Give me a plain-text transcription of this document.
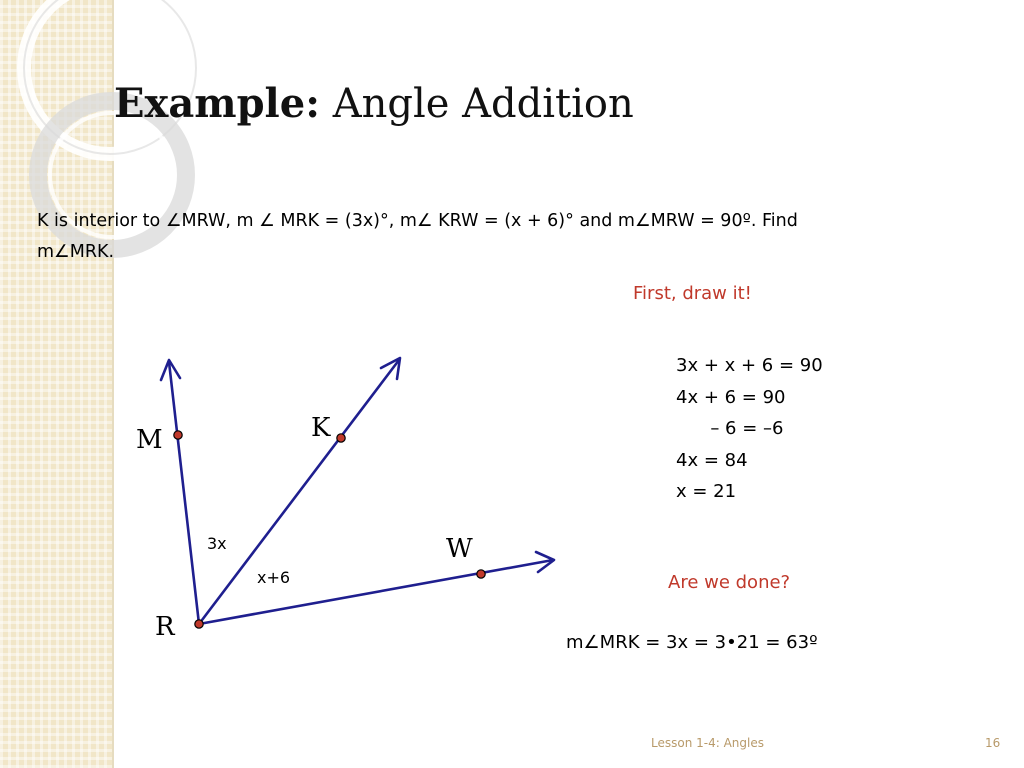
Example: Angle Addition
K is interior to ∠MRW, m ∠ MRK = (3x)°, m∠ KRW = (x + 6)° and m∠MRW = 90º. Find
m∠MRK.
First, draw it!
3x + x + 6 = 90
4x + 6 = 90
– 6 = –6
4x = 84
x = 21
Are we done?
m∠MRK = 3x = 3•21 = 63º
M	K
W
R
3x
x+6
Lesson 1-4: Angles	16
